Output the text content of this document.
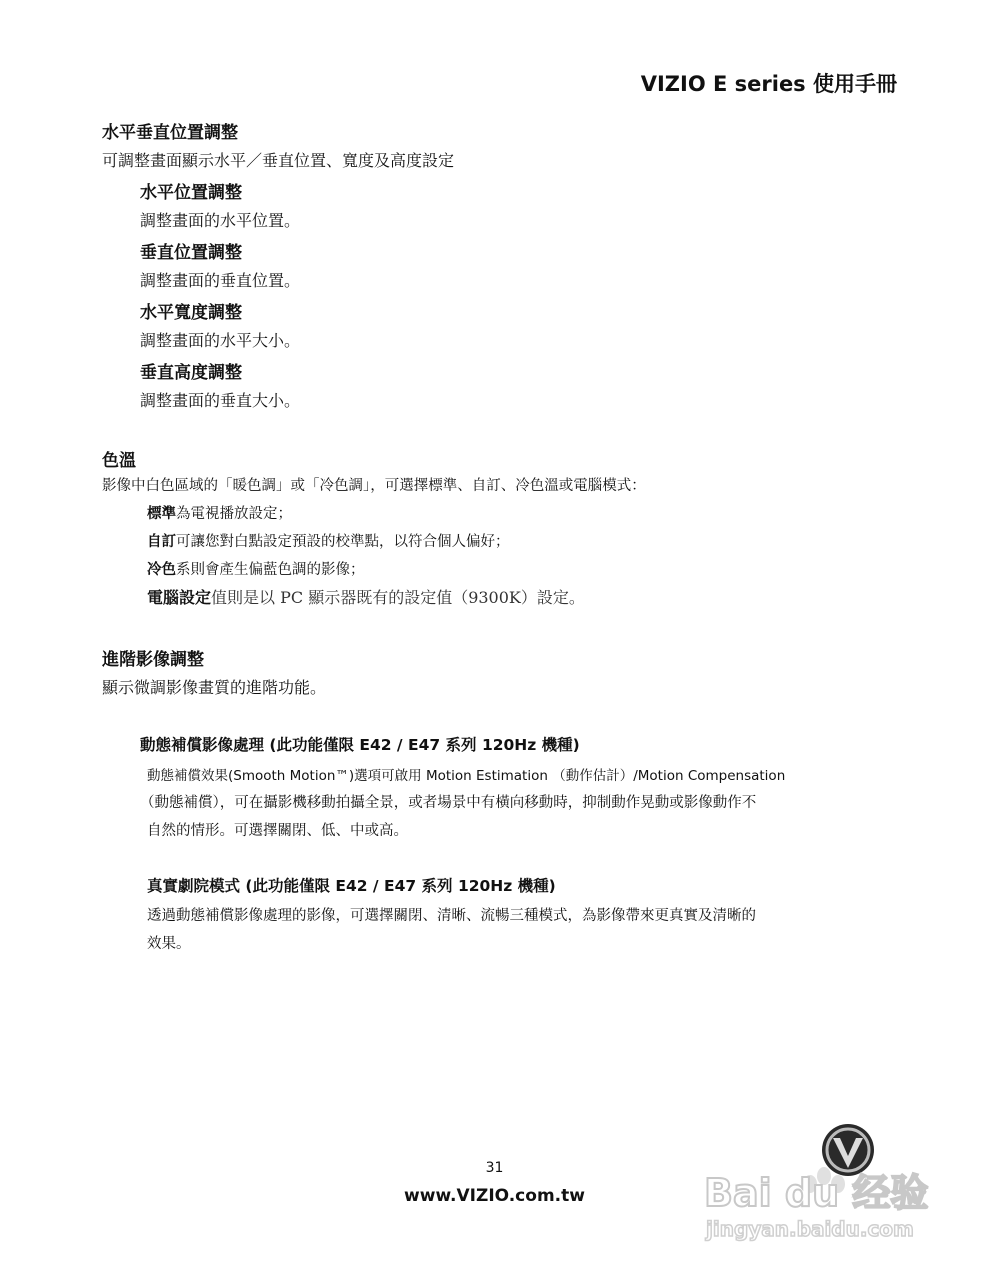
VIZIO E series 使用手冊
水平垂直位置調整
可調整畫面顯示水平／垂直位置、寬度及高度設定
水平位置調整
調整畫面的水平位置。
垂直位置調整
調整畫面的垂直位置。
水平寬度調整
調整畫面的水平大小。
垂直高度調整
調整畫面的垂直大小。
色溫
影像中白色區域的「暖色調」或「冷色調」，可選擇標準、自訂、冷色溫或電腦模式：
標準為電視播放設定；
自訂可讓您對白點設定預設的校準點，以符合個人偏好；
冷色系則會產生偏藍色調的影像；
電腦設定值則是以 PC 顯示器既有的設定值（9300K）設定。
進階影像調整
顯示微調影像畫質的進階功能。
動態補償影像處理 (此功能僅限 E42 / E47 系列 120Hz 機種)
動態補償效果(Smooth Motion™)選項可啟用 Motion Estimation （動作估計）/Motion Compensation
（動態補償），可在攝影機移動拍攝全景，或者場景中有橫向移動時，抑制動作晃動或影像動作不
自然的情形。可選擇關閉、低、中或高。
真實劇院模式 (此功能僅限 E42 / E47 系列 120Hz 機種)
透過動態補償影像處理的影像，可選擇關閉、清晰、流暢三種模式，為影像帶來更真實及清晰的
效果。
31
www.VIZIO.com.tw	Bai du 经验
jingyan.baidu.com
